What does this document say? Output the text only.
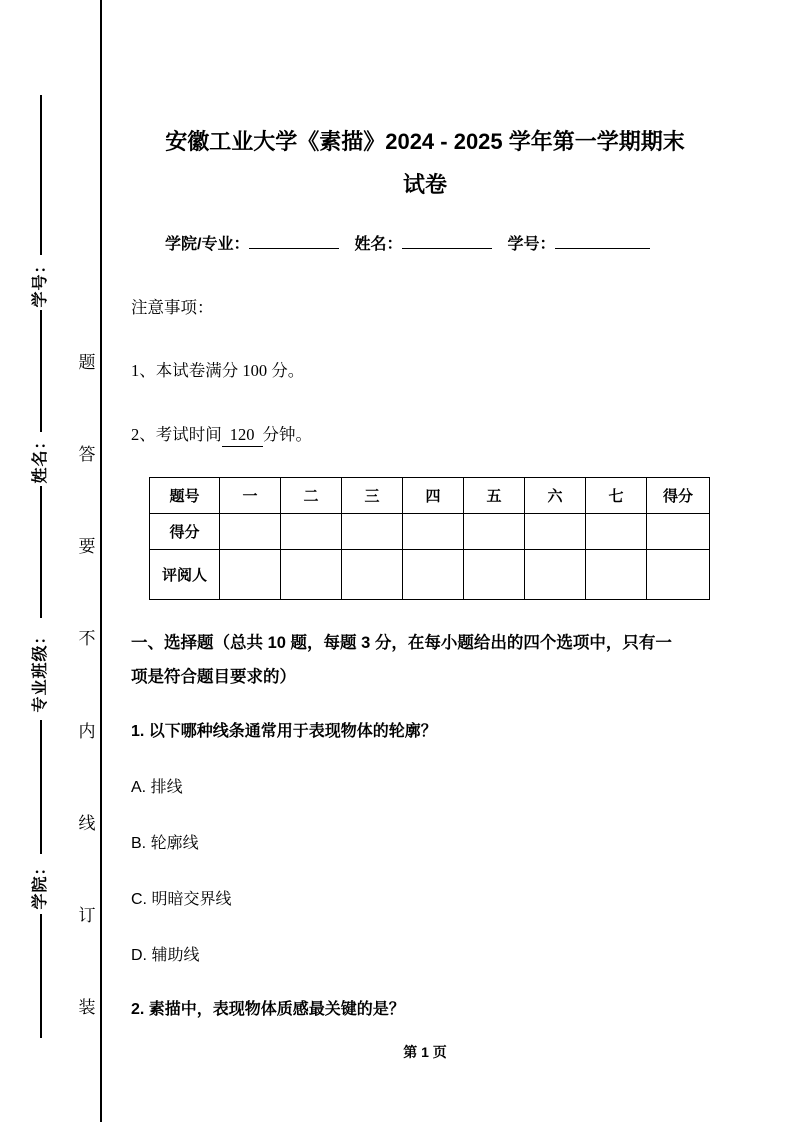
学号：
姓名：
专业班级：
学院：
题
答
要
不
内
线
订
装
安徽工业大学《素描》2024 - 2025 学年第一学期期末
试卷
学院/专业：	姓名：	学号：
注意事项：
1、本试卷满分 100 分。
2、考试时间 120 分钟。
题号	一	二	三	四	五	六	七	得分
得分								
评阅人								
一、选择题（总共 10 题，每题 3 分，在每小题给出的四个选项中，只有一项是符合题目要求的）
1. 以下哪种线条通常用于表现物体的轮廓？
A. 排线
B. 轮廓线
C. 明暗交界线
D. 辅助线
2. 素描中，表现物体质感最关键的是？
第 1 页
